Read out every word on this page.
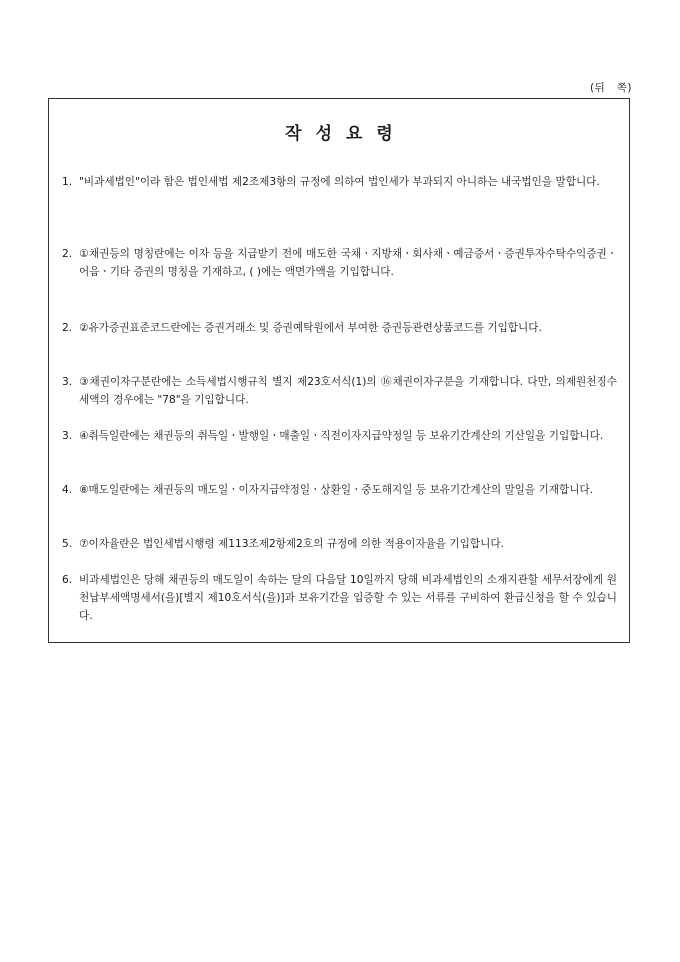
(뒤   쪽)
작성요령
1. "비과세법인"이라 함은 법인세법 제2조제3항의 규정에 의하여 법인세가 부과되지 아니하는 내국법인을 말합니다.
2. ①채권등의 명칭란에는 이자 등을 지급받기 전에 매도한 국채ㆍ지방채ㆍ회사채ㆍ예금증서ㆍ증권투자수탁수익증권ㆍ어음ㆍ기타 증권의 명칭을 기재하고, ( )에는 액면가액을 기입합니다.
2. ②유가증권표준코드란에는 증권거래소 및 증권예탁원에서 부여한 증권등관련상품코드를 기입합니다.
3. ③채권이자구분란에는 소득세법시행규칙 별지 제23호서식(1)의 ⑯채권이자구분을 기재합니다. 다만, 의제원천징수세액의 경우에는 "78"을 기입합니다.
3. ④취득일란에는 채권등의 취득일ㆍ발행일ㆍ매출일ㆍ직전이자지급약정일 등 보유기간계산의 기산일을 기입합니다.
4. ⑧매도일란에는 채권등의 매도일ㆍ이자지급약정일ㆍ상환일ㆍ중도해지일 등 보유기간계산의 말일을 기재합니다.
5. ⑦이자율란은 법인세법시행령 제113조제2항제2호의 규정에 의한 적용이자율을 기입합니다.
6. 비과세법인은 당해 채권등의 매도일이 속하는 달의 다음달 10일까지 당해 비과세법인의 소재지관할 세무서장에게 원천납부세액명세서(을)[별지 제10호서식(을)]과 보유기간을 입증할 수 있는 서류를 구비하여 환급신청을 할 수 있습니다.
